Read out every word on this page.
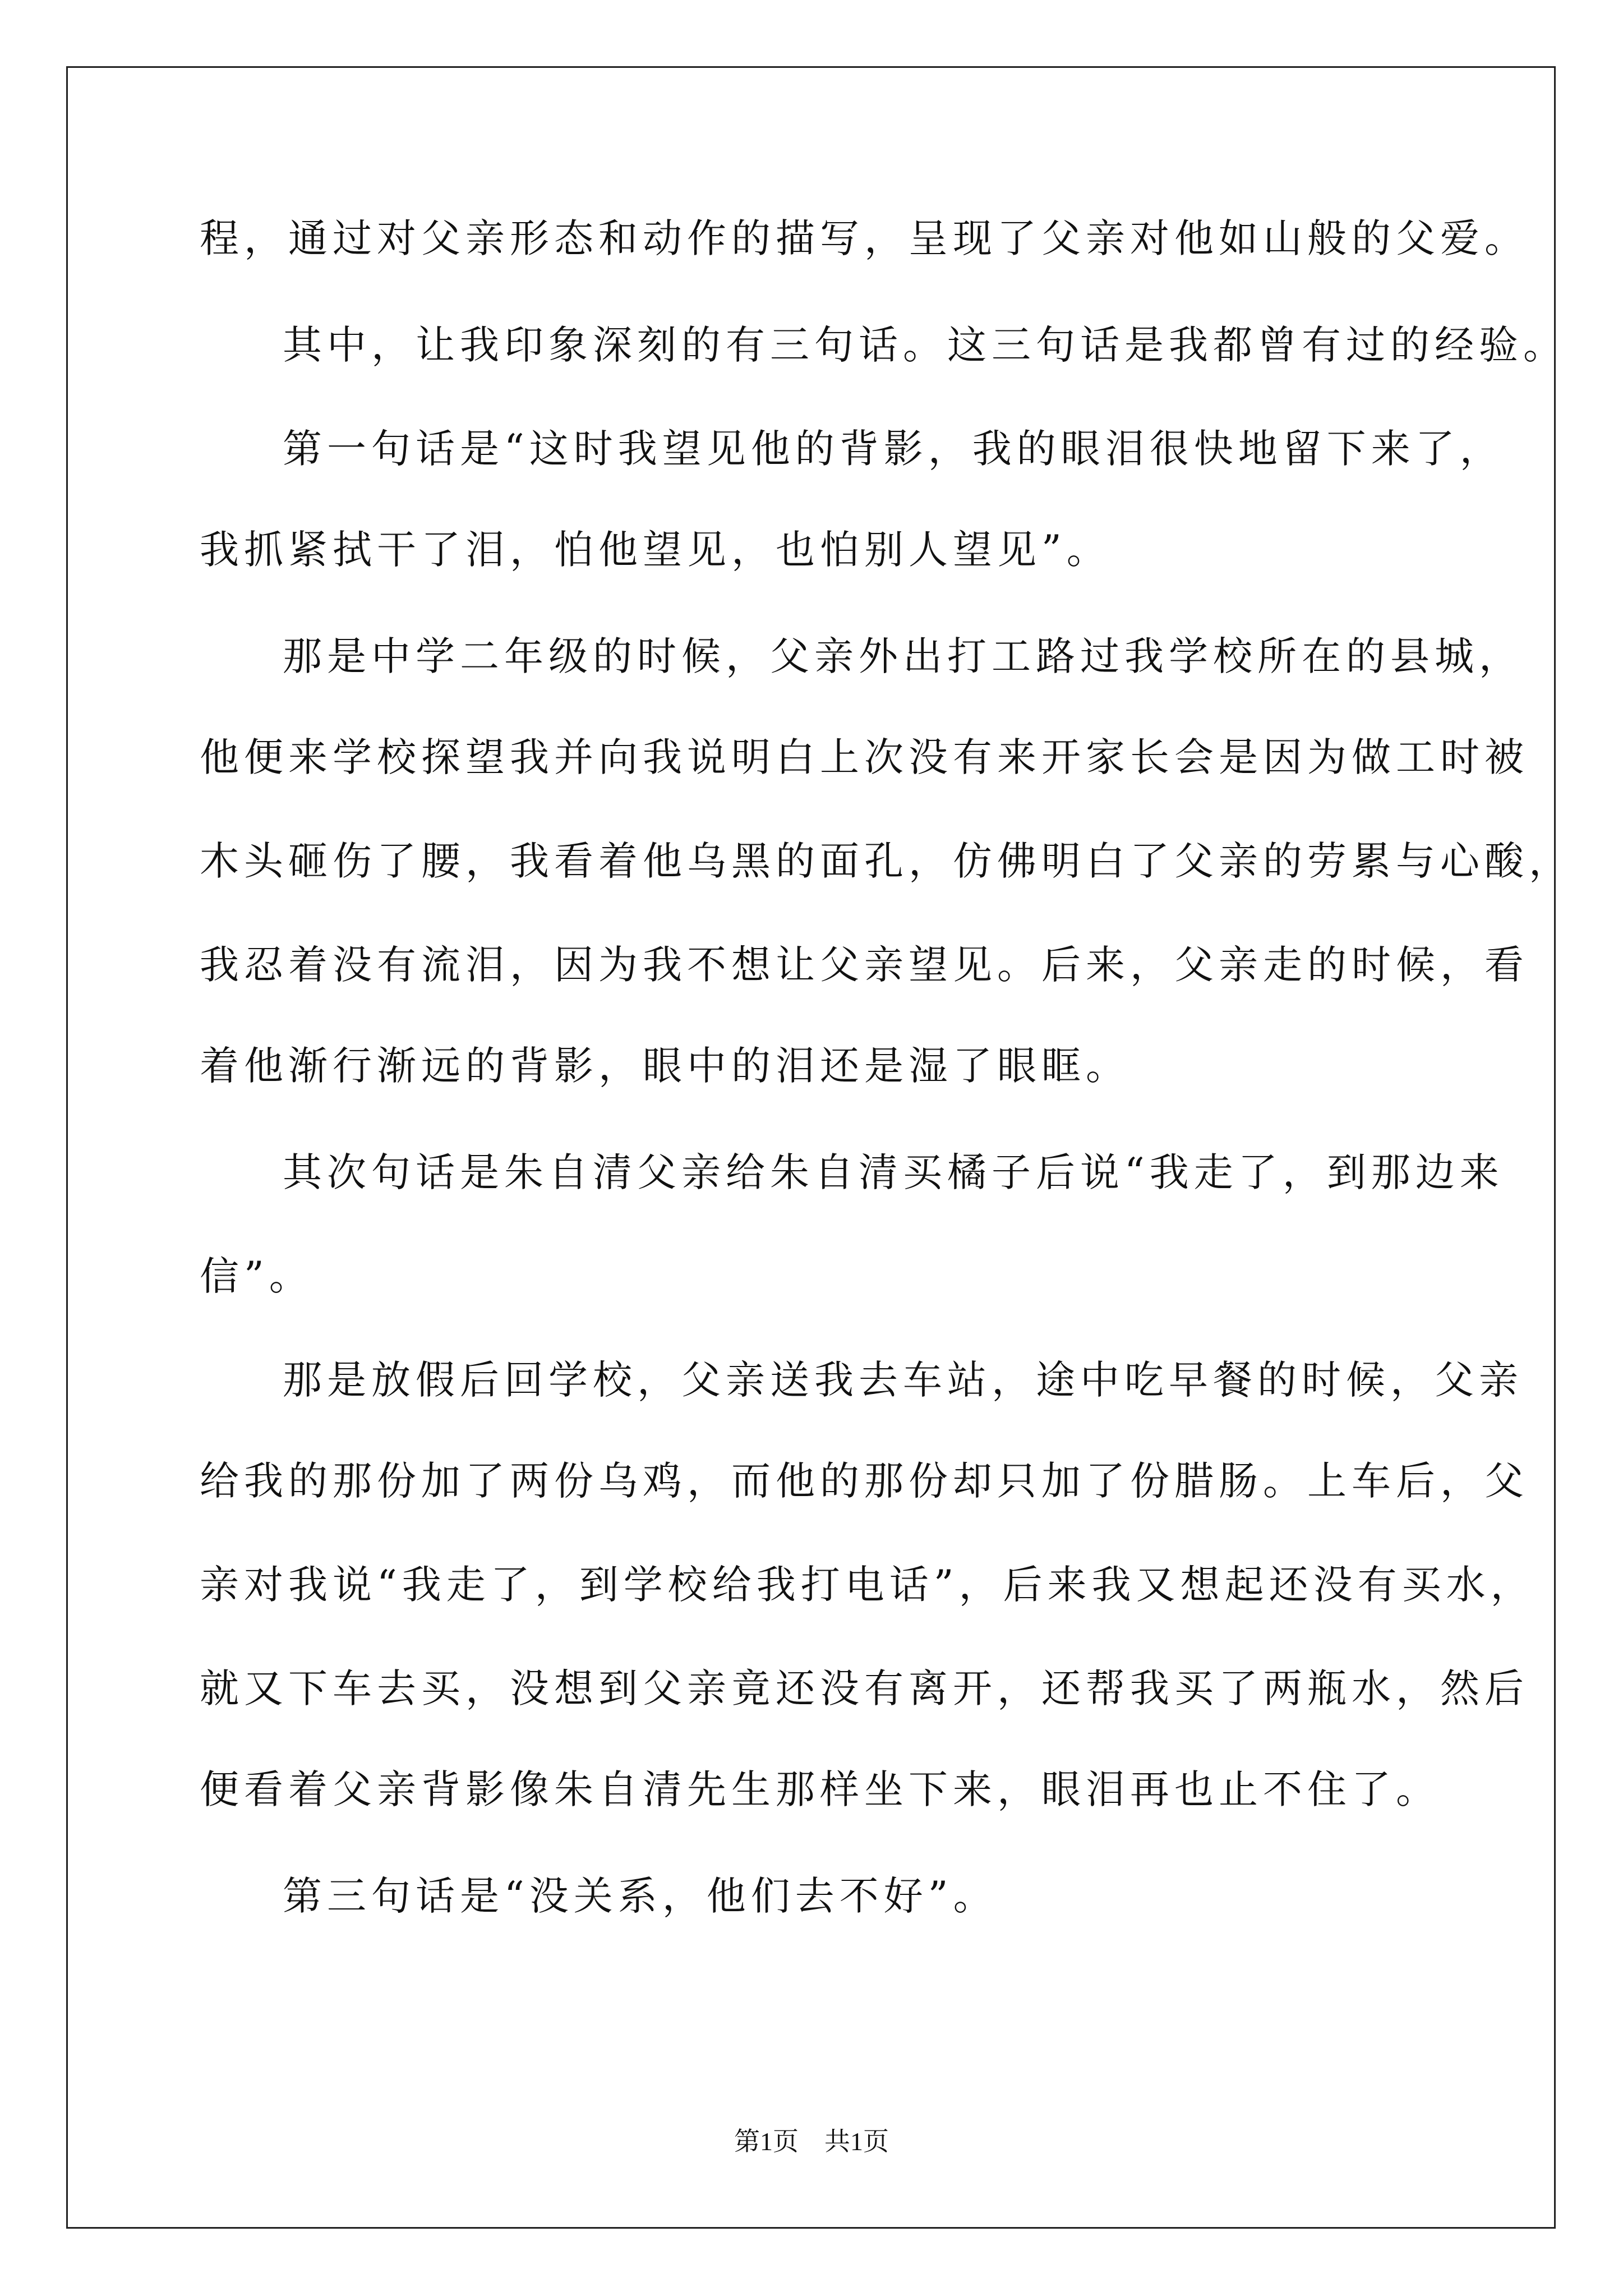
程，通过对父亲形态和动作的描写，呈现了父亲对他如山般的父爱。
其中，让我印象深刻的有三句话。这三句话是我都曾有过的经验。
第一句话是“这时我望见他的背影，我的眼泪很快地留下来了，
我抓紧拭干了泪，怕他望见，也怕别人望见”。
那是中学二年级的时候，父亲外出打工路过我学校所在的县城，
他便来学校探望我并向我说明白上次没有来开家长会是因为做工时被
木头砸伤了腰，我看着他乌黑的面孔，仿佛明白了父亲的劳累与心酸，
我忍着没有流泪，因为我不想让父亲望见。后来，父亲走的时候，看
着他渐行渐远的背影，眼中的泪还是湿了眼眶。
其次句话是朱自清父亲给朱自清买橘子后说“我走了，到那边来
信”。
那是放假后回学校，父亲送我去车站，途中吃早餐的时候，父亲
给我的那份加了两份乌鸡，而他的那份却只加了份腊肠。上车后，父
亲对我说“我走了，到学校给我打电话”，后来我又想起还没有买水，
就又下车去买，没想到父亲竟还没有离开，还帮我买了两瓶水，然后
便看着父亲背影像朱自清先生那样坐下来，眼泪再也止不住了。
第三句话是“没关系，他们去不好”。
第1页　共1页
